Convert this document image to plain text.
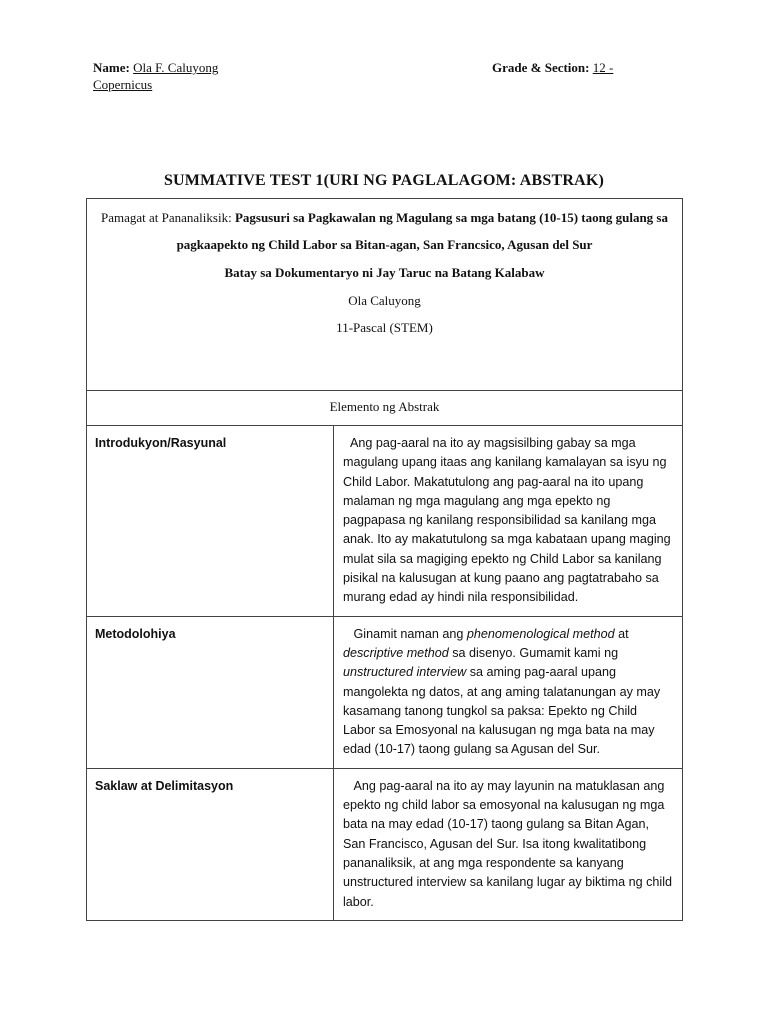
Name: Ola F. Caluyong
Copernicus
Grade & Section: 12 -
SUMMATIVE TEST 1(URI NG PAGLALAGOM: ABSTRAK)

Pamagat at Pananaliksik: Pagsusuri sa Pagkawalan ng Magulang sa mga batang (10-15) taong gulang sa

pagkaapekto ng Child Labor sa Bitan-agan, San Francsico, Agusan del Sur

Batay sa Dokumentaryo ni Jay Taruc na Batang Kalabaw

Ola Caluyong

11-Pascal (STEM)	

Elemento ng Abstrak	
Introdukyon/Rasyunal	Ang pag-aaral na ito ay magsisilbing gabay sa mga magulang upang itaas ang kanilang kamalayan sa isyu ng Child Labor. Makatutulong ang pag-aaral na ito upang malaman ng mga magulang ang mga epekto ng pagpapasa ng kanilang responsibilidad sa kanilang mga anak. Ito ay makatutulong sa mga kabataan upang maging mulat sila sa magiging epekto ng Child Labor sa kanilang pisikal na kalusugan at kung paano ang pagtatrabaho sa murang edad ay hindi nila responsibilidad.

Metodolohiya	Ginamit naman ang phenomenological method at descriptive method sa disenyo. Gumamit kami ng unstructured interview sa aming pag-aaral upang mangolekta ng datos, at ang aming talatanungan ay may kasamang tanong tungkol sa paksa: Epekto ng Child Labor sa Emosyonal na kalusugan ng mga bata na may edad (10-17) taong gulang sa Agusan del Sur.

Saklaw at Delimitasyon	Ang pag-aaral na ito ay may layunin na matuklasan ang epekto ng child labor sa emosyonal na kalusugan ng mga bata na may edad (10-17) taong gulang sa Bitan Agan, San Francisco, Agusan del Sur. Isa itong kwalitatibong pananaliksik, at ang mga respondente sa kanyang unstructured interview sa kanilang lugar ay biktima ng child labor.
